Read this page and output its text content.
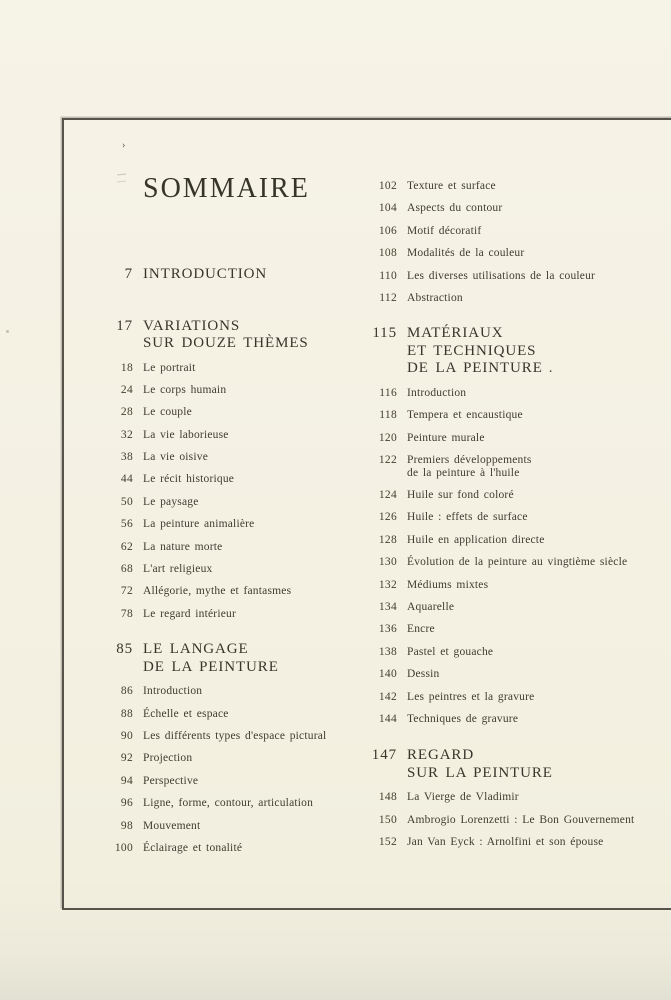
›
SOMMAIRE
7 INTRODUCTION
17 VARIATIONS
SUR DOUZE THÈMES
18 Le portrait
24 Le corps humain
28 Le couple
32 La vie laborieuse
38 La vie oisive
44 Le récit historique
50 Le paysage
56 La peinture animalière
62 La nature morte
68 L'art religieux
72 Allégorie, mythe et fantasmes
78 Le regard intérieur
85 LE LANGAGE
DE LA PEINTURE
86 Introduction
88 Échelle et espace
90 Les différents types d'espace pictural
92 Projection
94 Perspective
96 Ligne, forme, contour, articulation
98 Mouvement
100 Éclairage et tonalité
102 Texture et surface
104 Aspects du contour
106 Motif décoratif
108 Modalités de la couleur
110 Les diverses utilisations de la couleur
112 Abstraction
115 MATÉRIAUX
ET TECHNIQUES
DE LA PEINTURE .
116 Introduction
118 Tempera et encaustique
120 Peinture murale
122 Premiers développements
de la peinture à l'huile
124 Huile sur fond coloré
126 Huile : effets de surface
128 Huile en application directe
130 Évolution de la peinture au vingtième siècle
132 Médiums mixtes
134 Aquarelle
136 Encre
138 Pastel et gouache
140 Dessin
142 Les peintres et la gravure
144 Techniques de gravure
147 REGARD
SUR LA PEINTURE
148 La Vierge de Vladimir
150 Ambrogio Lorenzetti : Le Bon Gouvernement
152 Jan Van Eyck : Arnolfini et son épouse
